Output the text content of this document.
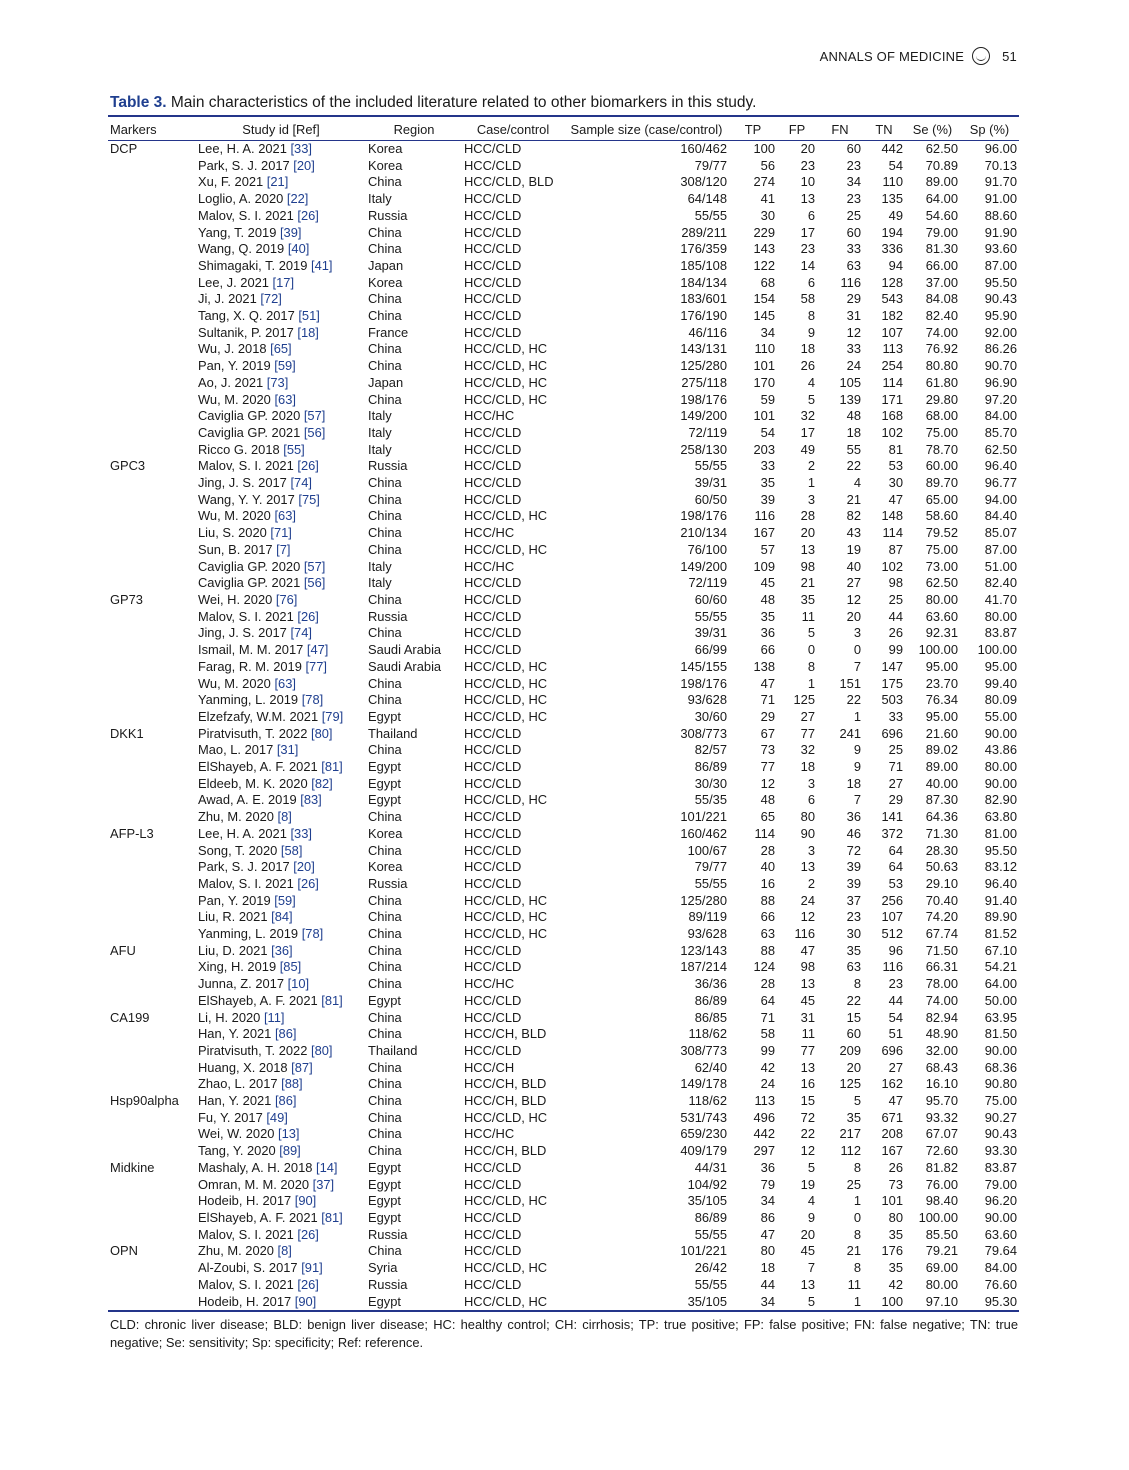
ANNALS OF MEDICINE	51
Table 3. Main characteristics of the included literature related to other biomarkers in this study.
Markers	Study id [Ref]	Region	Case/control	Sample size (case/control)	TP	FP	FN	TN	Se (%)	Sp (%)
DCP	Lee, H. A. 2021 [33]	Korea	HCC/CLD	160/462	100	20	60	442	62.50	96.00
	Park, S. J. 2017 [20]	Korea	HCC/CLD	79/77	56	23	23	54	70.89	70.13
	Xu, F. 2021 [21]	China	HCC/CLD, BLD	308/120	274	10	34	110	89.00	91.70
	Loglio, A. 2020 [22]	Italy	HCC/CLD	64/148	41	13	23	135	64.00	91.00
	Malov, S. I. 2021 [26]	Russia	HCC/CLD	55/55	30	6	25	49	54.60	88.60
	Yang, T. 2019 [39]	China	HCC/CLD	289/211	229	17	60	194	79.00	91.90
	Wang, Q. 2019 [40]	China	HCC/CLD	176/359	143	23	33	336	81.30	93.60
	Shimagaki, T. 2019 [41]	Japan	HCC/CLD	185/108	122	14	63	94	66.00	87.00
	Lee, J. 2021 [17]	Korea	HCC/CLD	184/134	68	6	116	128	37.00	95.50
	Ji, J. 2021 [72]	China	HCC/CLD	183/601	154	58	29	543	84.08	90.43
	Tang, X. Q. 2017 [51]	China	HCC/CLD	176/190	145	8	31	182	82.40	95.90
	Sultanik, P. 2017 [18]	France	HCC/CLD	46/116	34	9	12	107	74.00	92.00
	Wu, J. 2018 [65]	China	HCC/CLD, HC	143/131	110	18	33	113	76.92	86.26
	Pan, Y. 2019 [59]	China	HCC/CLD, HC	125/280	101	26	24	254	80.80	90.70
	Ao, J. 2021 [73]	Japan	HCC/CLD, HC	275/118	170	4	105	114	61.80	96.90
	Wu, M. 2020 [63]	China	HCC/CLD, HC	198/176	59	5	139	171	29.80	97.20
	Caviglia GP. 2020 [57]	Italy	HCC/HC	149/200	101	32	48	168	68.00	84.00
	Caviglia GP. 2021 [56]	Italy	HCC/CLD	72/119	54	17	18	102	75.00	85.70
	Ricco G. 2018 [55]	Italy	HCC/CLD	258/130	203	49	55	81	78.70	62.50
GPC3	Malov, S. I. 2021 [26]	Russia	HCC/CLD	55/55	33	2	22	53	60.00	96.40
	Jing, J. S. 2017 [74]	China	HCC/CLD	39/31	35	1	4	30	89.70	96.77
	Wang, Y. Y. 2017 [75]	China	HCC/CLD	60/50	39	3	21	47	65.00	94.00
	Wu, M. 2020 [63]	China	HCC/CLD, HC	198/176	116	28	82	148	58.60	84.40
	Liu, S. 2020 [71]	China	HCC/HC	210/134	167	20	43	114	79.52	85.07
	Sun, B. 2017 [7]	China	HCC/CLD, HC	76/100	57	13	19	87	75.00	87.00
	Caviglia GP. 2020 [57]	Italy	HCC/HC	149/200	109	98	40	102	73.00	51.00
	Caviglia GP. 2021 [56]	Italy	HCC/CLD	72/119	45	21	27	98	62.50	82.40
GP73	Wei, H. 2020 [76]	China	HCC/CLD	60/60	48	35	12	25	80.00	41.70
	Malov, S. I. 2021 [26]	Russia	HCC/CLD	55/55	35	11	20	44	63.60	80.00
	Jing, J. S. 2017 [74]	China	HCC/CLD	39/31	36	5	3	26	92.31	83.87
	Ismail, M. M. 2017 [47]	Saudi Arabia	HCC/CLD	66/99	66	0	0	99	100.00	100.00
	Farag, R. M. 2019 [77]	Saudi Arabia	HCC/CLD, HC	145/155	138	8	7	147	95.00	95.00
	Wu, M. 2020 [63]	China	HCC/CLD, HC	198/176	47	1	151	175	23.70	99.40
	Yanming, L. 2019 [78]	China	HCC/CLD, HC	93/628	71	125	22	503	76.34	80.09
	Elzefzafy, W.M. 2021 [79]	Egypt	HCC/CLD, HC	30/60	29	27	1	33	95.00	55.00
DKK1	Piratvisuth, T. 2022 [80]	Thailand	HCC/CLD	308/773	67	77	241	696	21.60	90.00
	Mao, L. 2017 [31]	China	HCC/CLD	82/57	73	32	9	25	89.02	43.86
	ElShayeb, A. F. 2021 [81]	Egypt	HCC/CLD	86/89	77	18	9	71	89.00	80.00
	Eldeeb, M. K. 2020 [82]	Egypt	HCC/CLD	30/30	12	3	18	27	40.00	90.00
	Awad, A. E. 2019 [83]	Egypt	HCC/CLD, HC	55/35	48	6	7	29	87.30	82.90
	Zhu, M. 2020 [8]	China	HCC/CLD	101/221	65	80	36	141	64.36	63.80
AFP-L3	Lee, H. A. 2021 [33]	Korea	HCC/CLD	160/462	114	90	46	372	71.30	81.00
	Song, T. 2020 [58]	China	HCC/CLD	100/67	28	3	72	64	28.30	95.50
	Park, S. J. 2017 [20]	Korea	HCC/CLD	79/77	40	13	39	64	50.63	83.12
	Malov, S. I. 2021 [26]	Russia	HCC/CLD	55/55	16	2	39	53	29.10	96.40
	Pan, Y. 2019 [59]	China	HCC/CLD, HC	125/280	88	24	37	256	70.40	91.40
	Liu, R. 2021 [84]	China	HCC/CLD, HC	89/119	66	12	23	107	74.20	89.90
	Yanming, L. 2019 [78]	China	HCC/CLD, HC	93/628	63	116	30	512	67.74	81.52
AFU	Liu, D. 2021 [36]	China	HCC/CLD	123/143	88	47	35	96	71.50	67.10
	Xing, H. 2019 [85]	China	HCC/CLD	187/214	124	98	63	116	66.31	54.21
	Junna, Z. 2017 [10]	China	HCC/HC	36/36	28	13	8	23	78.00	64.00
	ElShayeb, A. F. 2021 [81]	Egypt	HCC/CLD	86/89	64	45	22	44	74.00	50.00
CA199	Li, H. 2020 [11]	China	HCC/CLD	86/85	71	31	15	54	82.94	63.95
	Han, Y. 2021 [86]	China	HCC/CH, BLD	118/62	58	11	60	51	48.90	81.50
	Piratvisuth, T. 2022 [80]	Thailand	HCC/CLD	308/773	99	77	209	696	32.00	90.00
	Huang, X. 2018 [87]	China	HCC/CH	62/40	42	13	20	27	68.43	68.36
	Zhao, L. 2017 [88]	China	HCC/CH, BLD	149/178	24	16	125	162	16.10	90.80
Hsp90alpha	Han, Y. 2021 [86]	China	HCC/CH, BLD	118/62	113	15	5	47	95.70	75.00
	Fu, Y. 2017 [49]	China	HCC/CLD, HC	531/743	496	72	35	671	93.32	90.27
	Wei, W. 2020 [13]	China	HCC/HC	659/230	442	22	217	208	67.07	90.43
	Tang, Y. 2020 [89]	China	HCC/CH, BLD	409/179	297	12	112	167	72.60	93.30
Midkine	Mashaly, A. H. 2018 [14]	Egypt	HCC/CLD	44/31	36	5	8	26	81.82	83.87
	Omran, M. M. 2020 [37]	Egypt	HCC/CLD	104/92	79	19	25	73	76.00	79.00
	Hodeib, H. 2017 [90]	Egypt	HCC/CLD, HC	35/105	34	4	1	101	98.40	96.20
	ElShayeb, A. F. 2021 [81]	Egypt	HCC/CLD	86/89	86	9	0	80	100.00	90.00
	Malov, S. I. 2021 [26]	Russia	HCC/CLD	55/55	47	20	8	35	85.50	63.60
OPN	Zhu, M. 2020 [8]	China	HCC/CLD	101/221	80	45	21	176	79.21	79.64
	Al-Zoubi, S. 2017 [91]	Syria	HCC/CLD, HC	26/42	18	7	8	35	69.00	84.00
	Malov, S. I. 2021 [26]	Russia	HCC/CLD	55/55	44	13	11	42	80.00	76.60
	Hodeib, H. 2017 [90]	Egypt	HCC/CLD, HC	35/105	34	5	1	100	97.10	95.30
CLD: chronic liver disease; BLD: benign liver disease; HC: healthy control; CH: cirrhosis; TP: true positive; FP: false positive; FN: false negative; TN: true negative; Se: sensitivity; Sp: specificity; Ref: reference.
